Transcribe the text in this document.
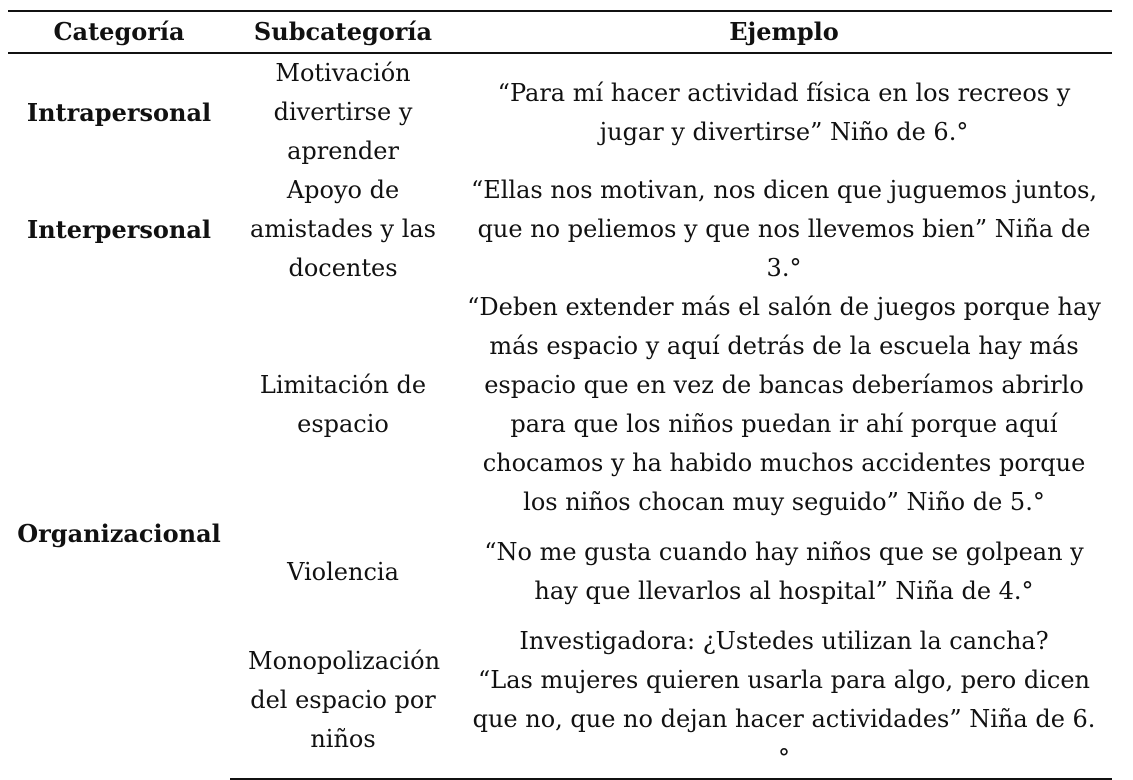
Categoría	Subcategoría	Ejemplo
Intrapersonal	Motivación divertirse y aprender	“Para mí hacer actividad física en los recreos y jugar y divertirse” Niño de 6.°
Interpersonal	Apoyo de amistades y las docentes	“Ellas nos motivan, nos dicen que juguemos juntos, que no peliemos y que nos llevemos bien” Niña de 3.°
Organizacional	Limitación de espacio	“Deben extender más el salón de juegos porque hay más espacio y aquí detrás de la escuela hay más espacio que en vez de bancas deberíamos abrirlo para que los niños puedan ir ahí porque aquí chocamos y ha habido muchos accidentes porque los niños chocan muy seguido” Niño de 5.°
	Violencia	“No me gusta cuando hay niños que se golpean y hay que llevarlos al hospital” Niña de 4.°
	Monopolización del espacio por niños	Investigadora: ¿Ustedes utilizan la cancha?
“Las mujeres quieren usarla para algo, pero dicen que no, que no dejan hacer actividades” Niña de 6.°
